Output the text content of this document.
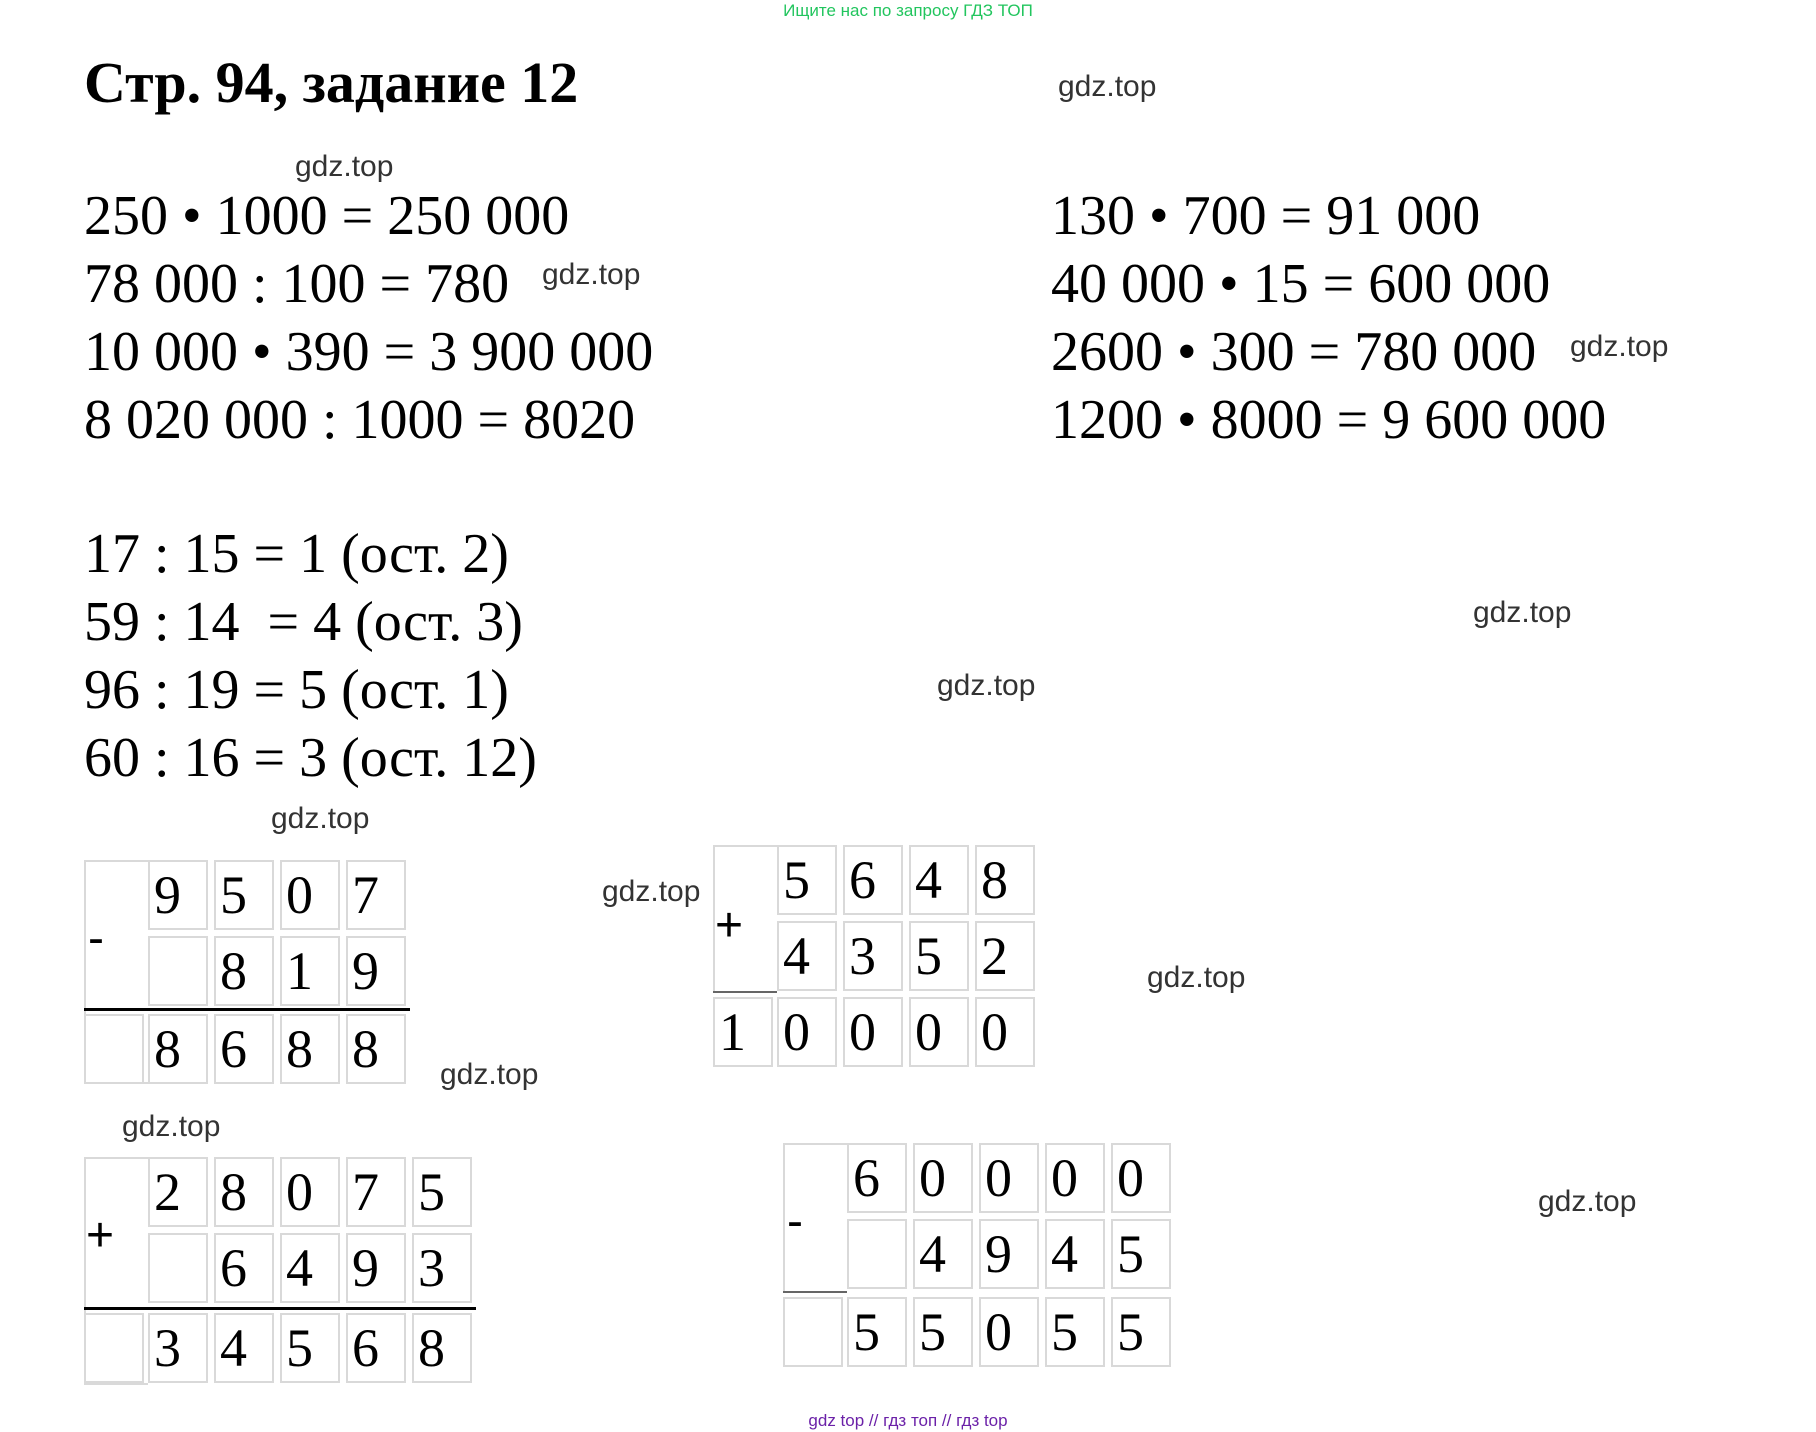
Ищите нас по запросу ГДЗ ТОП
Стр. 94, задание 12	gdz.top
gdz.top
gdz.top
gdz.top
gdz.top
gdz.top
gdz.top
gdz.top
gdz.top
gdz.top
gdz.top
gdz.top
250 • 1000 = 250 000
78 000 : 100 = 780
10 000 • 390 = 3 900 000
8 020 000 : 1000 = 8020
130 • 700 = 91 000
40 000 • 15 = 600 000
2600 • 300 = 780 000
1200 • 8000 = 9 600 000
17 : 15 = 1 (ост. 2)
59 : 14  = 4 (ост. 3)
96 : 19 = 5 (ост. 1)
60 : 16 = 3 (ост. 12)
-
9 5 0 7
8 1 9
8 6 8 8
+
5 6 4 8
4 3 5 2
1 0 0 0 0
+
2 8 0 7 5
6 4 9 3
3 4 5 6 8
-
6 0 0 0 0
4 9 4 5
5 5 0 5 5
gdz top // гдз топ // гдз top
